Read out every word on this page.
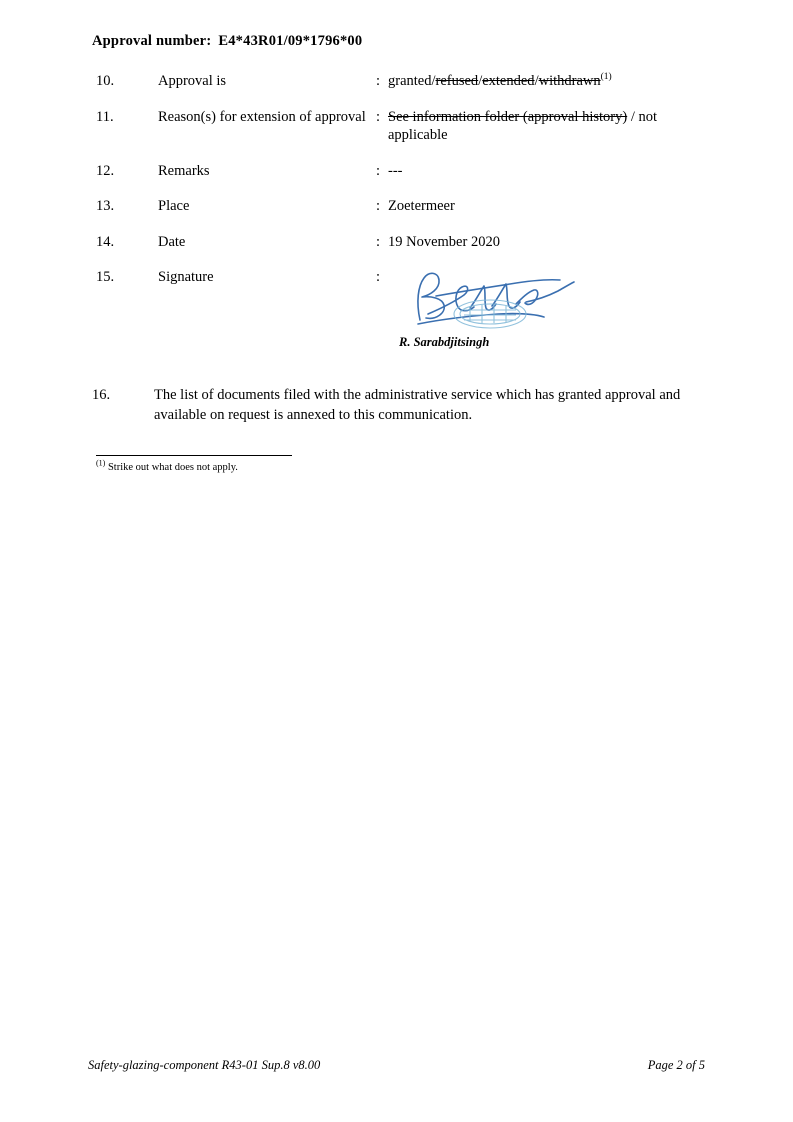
Approval number: E4*43R01/09*1796*00
10.	Approval is	: granted/refused/extended/withdrawn$^{(1)}$
11.	Reason(s) for extension of approval : See information folder (approval history) / not applicable
12.	Remarks	: ---
13.	Place	: Zoetermeer
14.	Date	: 19 November 2020
15.	Signature	:
R. Sarabdjitsingh
16.	The list of documents filed with the administrative service which has granted approval and available on request is annexed to this communication.
$^{(1)}$ Strike out what does not apply.
Safety-glazing-component R43-01 Sup.8 v8.00	Page 2 of 5
